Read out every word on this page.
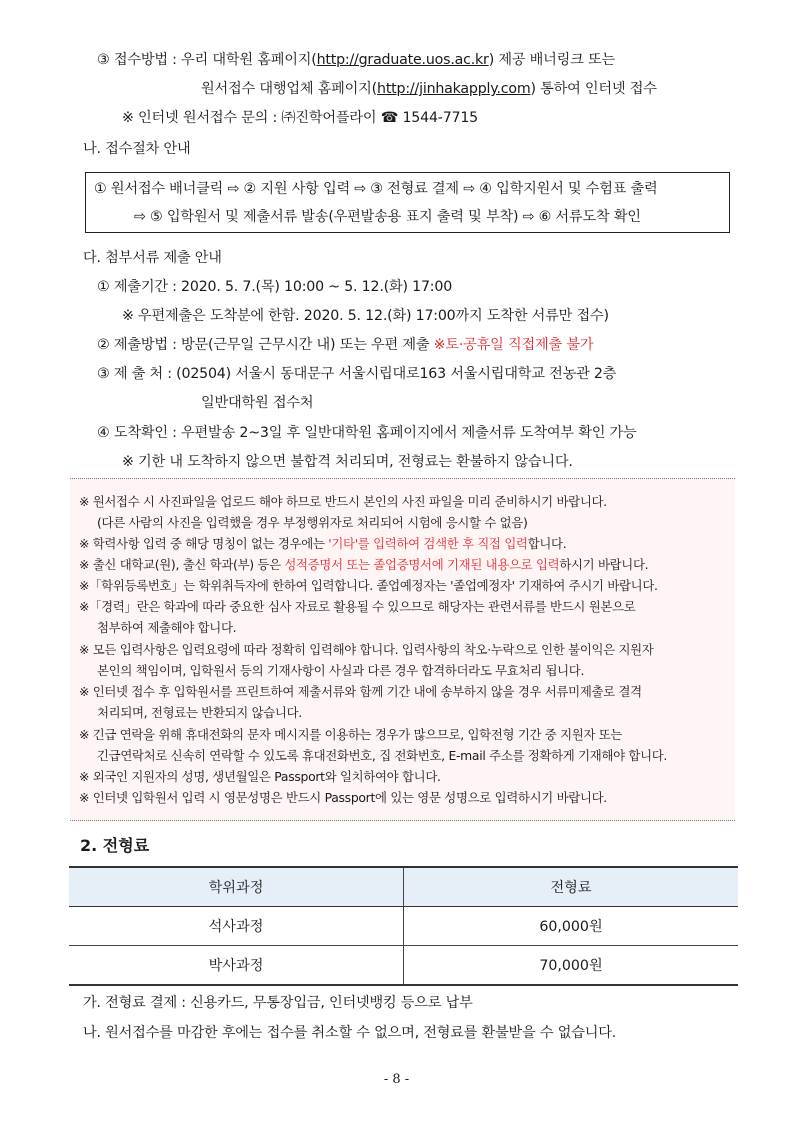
③ 접수방법 : 우리 대학원 홈페이지(http://graduate.uos.ac.kr) 제공 배너링크 또는
원서접수 대행업체 홈페이지(http://jinhakapply.com) 통하여 인터넷 접수
※ 인터넷 원서접수 문의 : ㈜진학어플라이 ☎ 1544-7715
나. 접수절차 안내
① 원서접수 배너클릭 ⇨ ② 지원 사항 입력 ⇨ ③ 전형료 결제 ⇨ ④ 입학지원서 및 수험표 출력
⇨ ⑤ 입학원서 및 제출서류 발송(우편발송용 표지 출력 및 부착) ⇨ ⑥ 서류도착 확인
다. 첨부서류 제출 안내
① 제출기간 : 2020. 5. 7.(목) 10:00 ~ 5. 12.(화) 17:00
※ 우편제출은 도착분에 한함. 2020. 5. 12.(화) 17:00까지 도착한 서류만 접수)
② 제출방법 : 방문(근무일 근무시간 내) 또는 우편 제출 ※토·공휴일 직접제출 불가
③ 제 출 처 : (02504) 서울시 동대문구 서울시립대로163 서울시립대학교 전농관 2층
일반대학원 접수처
④ 도착확인 : 우편발송 2~3일 후 일반대학원 홈페이지에서 제출서류 도착여부 확인 가능
※ 기한 내 도착하지 않으면 불합격 처리되며, 전형료는 환불하지 않습니다.
※ 원서접수 시 사진파일을 업로드 해야 하므로 반드시 본인의 사진 파일을 미리 준비하시기 바랍니다.
(다른 사람의 사진을 입력했을 경우 부정행위자로 처리되어 시험에 응시할 수 없음)
※ 학력사항 입력 중 해당 명칭이 없는 경우에는 '기타'를 입력하여 검색한 후 직접 입력합니다.
※ 출신 대학교(원), 출신 학과(부) 등은 성적증명서 또는 졸업증명서에 기재된 내용으로 입력하시기 바랍니다.
※「학위등록번호」는 학위취득자에 한하여 입력합니다. 졸업예정자는 '졸업예정자' 기재하여 주시기 바랍니다.
※「경력」란은 학과에 따라 중요한 심사 자료로 활용될 수 있으므로 해당자는 관련서류를 반드시 원본으로
첨부하여 제출해야 합니다.
※ 모든 입력사항은 입력요령에 따라 정확히 입력해야 합니다. 입력사항의 착오·누락으로 인한 불이익은 지원자
본인의 책임이며, 입학원서 등의 기재사항이 사실과 다른 경우 합격하더라도 무효처리 됩니다.
※ 인터넷 접수 후 입학원서를 프린트하여 제출서류와 함께 기간 내에 송부하지 않을 경우 서류미제출로 결격
처리되며, 전형료는 반환되지 않습니다.
※ 긴급 연락을 위해 휴대전화의 문자 메시지를 이용하는 경우가 많으므로, 입학전형 기간 중 지원자 또는
긴급연락처로 신속히 연락할 수 있도록 휴대전화번호, 집 전화번호, E-mail 주소를 정확하게 기재해야 합니다.
※ 외국인 지원자의 성명, 생년월일은 Passport와 일치하여야 합니다.
※ 인터넷 입학원서 입력 시 영문성명은 반드시 Passport에 있는 영문 성명으로 입력하시기 바랍니다.
2. 전형료
학위과정	전형료
석사과정	60,000원
박사과정	70,000원
가. 전형료 결제 : 신용카드, 무통장입금, 인터넷뱅킹 등으로 납부
나. 원서접수를 마감한 후에는 접수를 취소할 수 없으며, 전형료를 환불받을 수 없습니다.
- 8 -
